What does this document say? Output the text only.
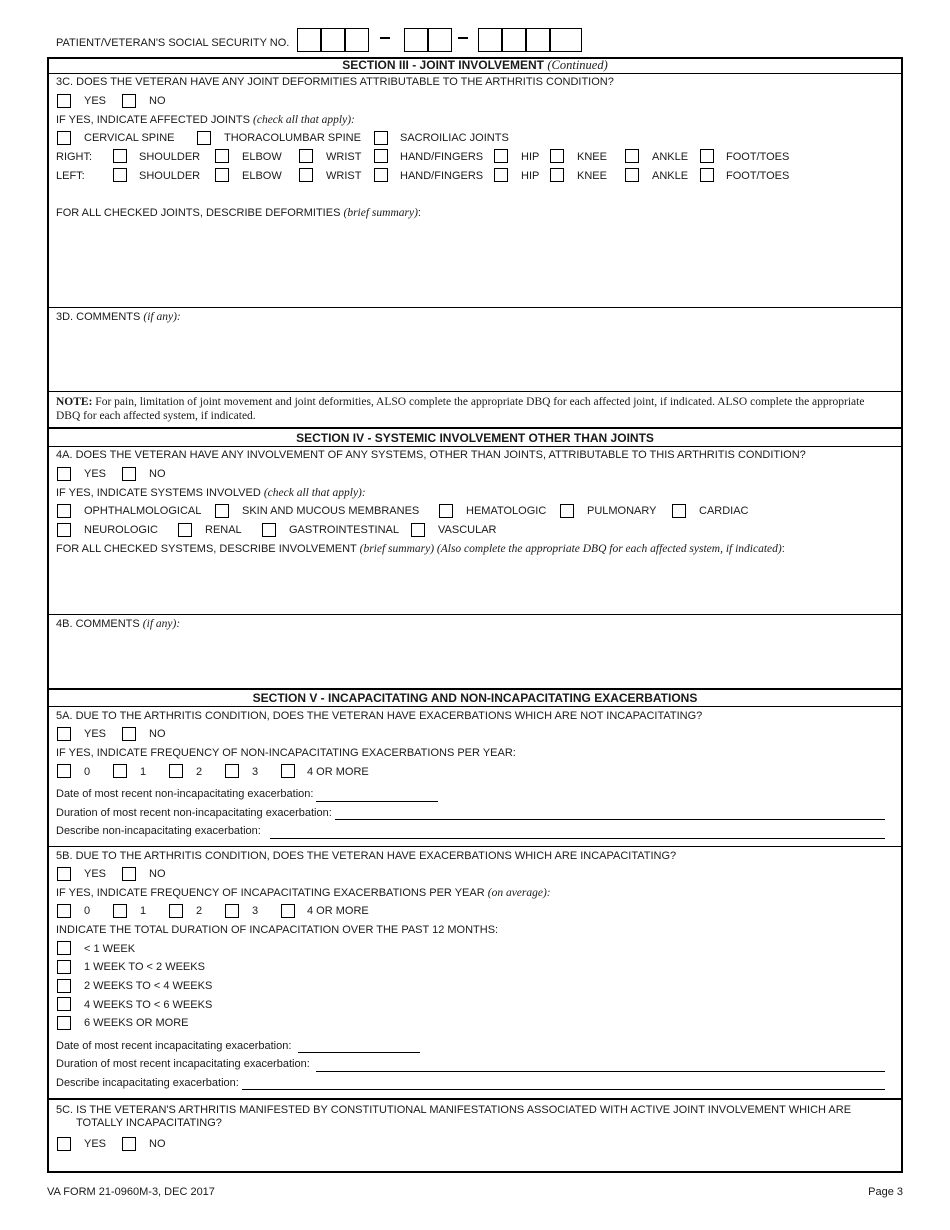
PATIENT/VETERAN'S SOCIAL SECURITY NO.
SECTION III - JOINT INVOLVEMENT (Continued)
3C. DOES THE VETERAN HAVE ANY JOINT DEFORMITIES ATTRIBUTABLE TO THE ARTHRITIS CONDITION?
YES	NO
IF YES, INDICATE AFFECTED JOINTS (check all that apply):
CERVICAL SPINE	THORACOLUMBAR SPINE	SACROILIAC JOINTS
RIGHT:	SHOULDER	ELBOW	WRIST	HAND/FINGERS	HIP	KNEE	ANKLE	FOOT/TOES
LEFT:	SHOULDER	ELBOW	WRIST	HAND/FINGERS	HIP	KNEE	ANKLE	FOOT/TOES
FOR ALL CHECKED JOINTS, DESCRIBE DEFORMITIES (brief summary):
3D. COMMENTS (if any):
NOTE: For pain, limitation of joint movement and joint deformities, ALSO complete the appropriate DBQ for each affected joint, if indicated. ALSO complete the appropriate DBQ for each affected system, if indicated.
SECTION IV - SYSTEMIC INVOLVEMENT OTHER THAN JOINTS
4A. DOES THE VETERAN HAVE ANY INVOLVEMENT OF ANY SYSTEMS, OTHER THAN JOINTS, ATTRIBUTABLE TO THIS ARTHRITIS CONDITION?
YES	NO
IF YES, INDICATE SYSTEMS INVOLVED (check all that apply):
OPHTHALMOLOGICAL	SKIN AND MUCOUS MEMBRANES	HEMATOLOGIC	PULMONARY	CARDIAC
NEUROLOGIC	RENAL	GASTROINTESTINAL	VASCULAR
FOR ALL CHECKED SYSTEMS, DESCRIBE INVOLVEMENT (brief summary) (Also complete the appropriate DBQ for each affected system, if indicated):
4B. COMMENTS (if any):
SECTION V - INCAPACITATING AND NON-INCAPACITATING EXACERBATIONS
5A. DUE TO THE ARTHRITIS CONDITION, DOES THE VETERAN HAVE EXACERBATIONS WHICH ARE NOT INCAPACITATING?
YES	NO
IF YES, INDICATE FREQUENCY OF NON-INCAPACITATING EXACERBATIONS PER YEAR:
0	1	2	3	4 OR MORE
Date of most recent non-incapacitating exacerbation:
Duration of most recent non-incapacitating exacerbation:
Describe non-incapacitating exacerbation:
5B. DUE TO THE ARTHRITIS CONDITION, DOES THE VETERAN HAVE EXACERBATIONS WHICH ARE INCAPACITATING?
YES	NO
IF YES, INDICATE FREQUENCY OF INCAPACITATING EXACERBATIONS PER YEAR (on average):
0	1	2	3	4 OR MORE
INDICATE THE TOTAL DURATION OF INCAPACITATION OVER THE PAST 12 MONTHS:
< 1 WEEK
1 WEEK TO < 2 WEEKS
2 WEEKS TO < 4 WEEKS
4 WEEKS TO < 6 WEEKS
6 WEEKS OR MORE
Date of most recent incapacitating exacerbation:
Duration of most recent incapacitating exacerbation:
Describe incapacitating exacerbation:
5C. IS THE VETERAN'S ARTHRITIS MANIFESTED BY CONSTITUTIONAL MANIFESTATIONS ASSOCIATED WITH ACTIVE JOINT INVOLVEMENT WHICH ARE
TOTALLY INCAPACITATING?
YES	NO
VA FORM 21-0960M-3, DEC 2017	Page 3
